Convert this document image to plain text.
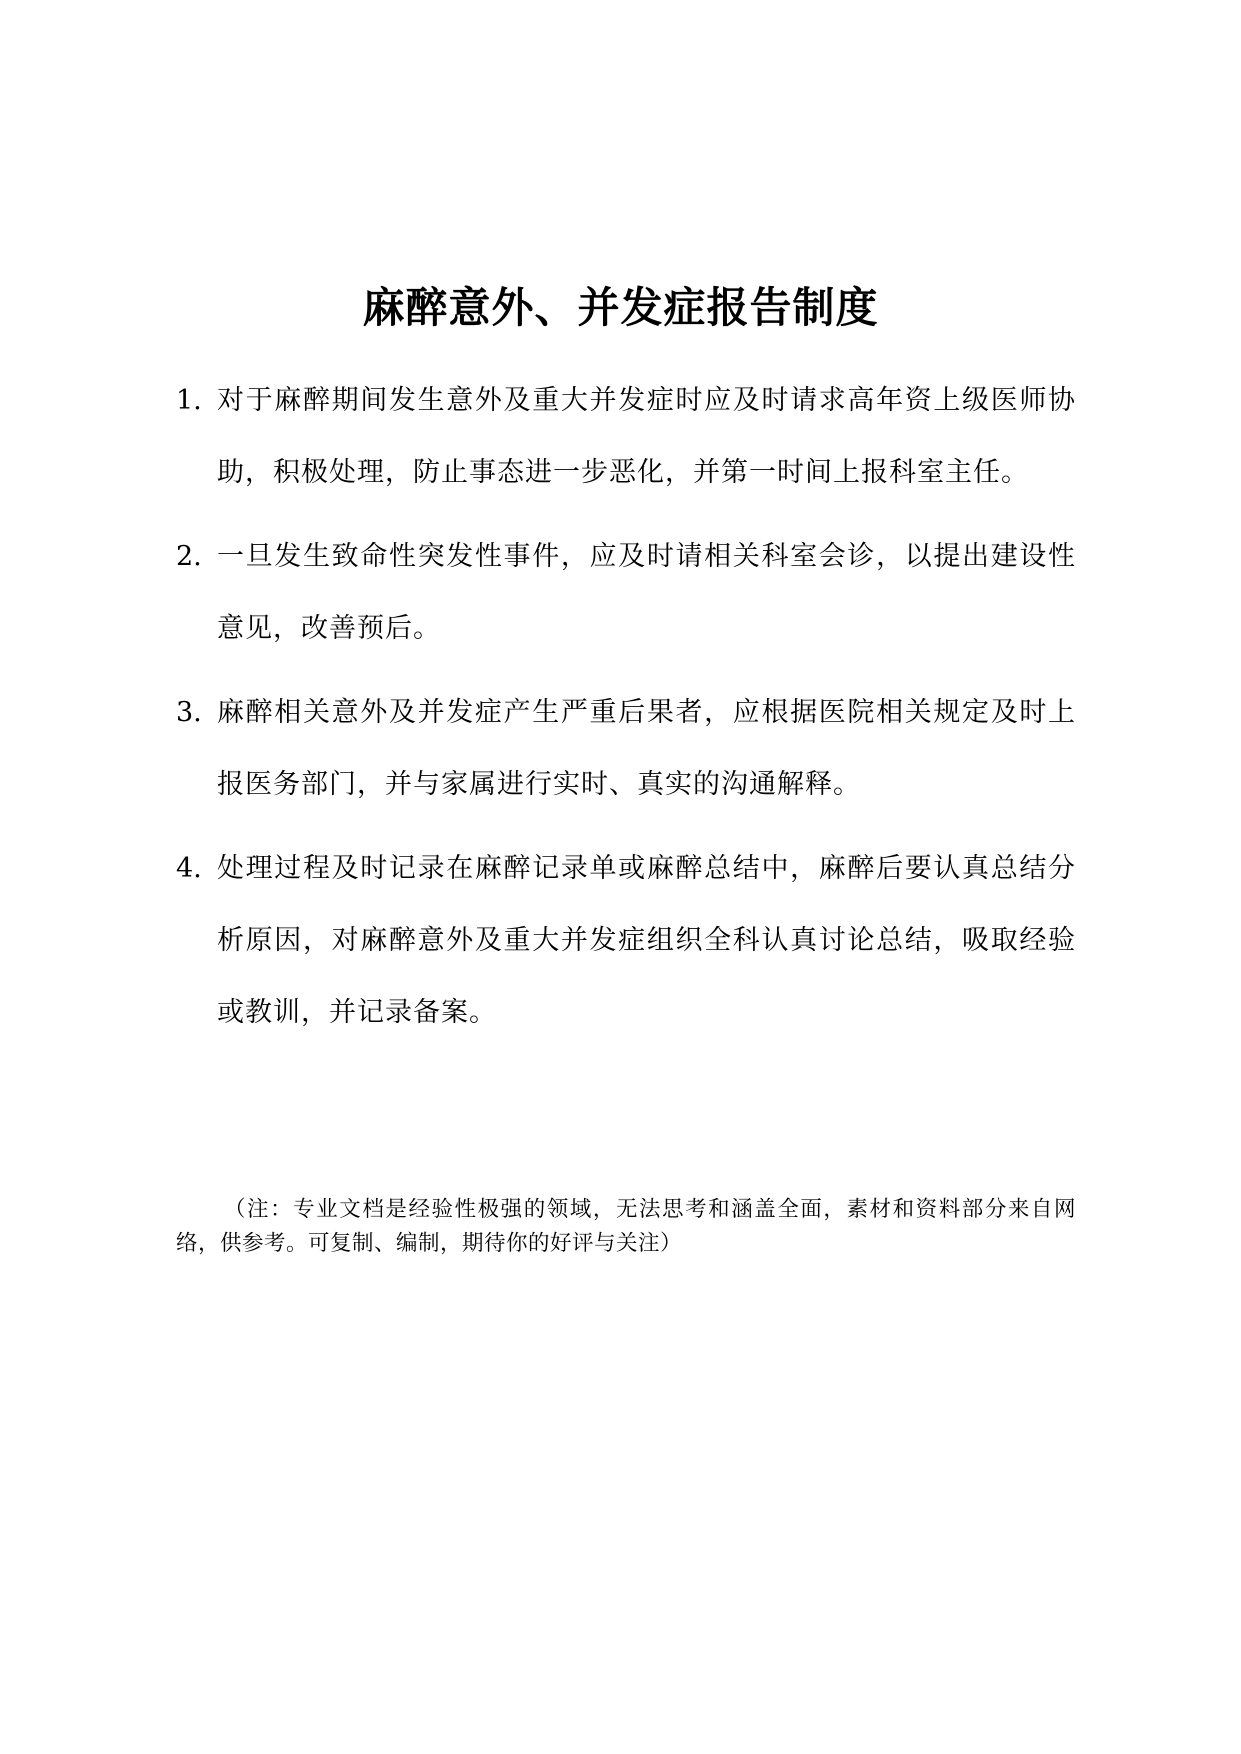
麻醉意外、并发症报告制度
1. 对于麻醉期间发生意外及重大并发症时应及时请求高年资上级医师协助，积极处理，防止事态进一步恶化，并第一时间上报科室主任。
2. 一旦发生致命性突发性事件，应及时请相关科室会诊，以提出建设性意见，改善预后。
3. 麻醉相关意外及并发症产生严重后果者，应根据医院相关规定及时上报医务部门，并与家属进行实时、真实的沟通解释。
4. 处理过程及时记录在麻醉记录单或麻醉总结中，麻醉后要认真总结分析原因，对麻醉意外及重大并发症组织全科认真讨论总结，吸取经验或教训，并记录备案。
（注：专业文档是经验性极强的领域，无法思考和涵盖全面，素材和资料部分来自网络，供参考。可复制、编制，期待你的好评与关注）
